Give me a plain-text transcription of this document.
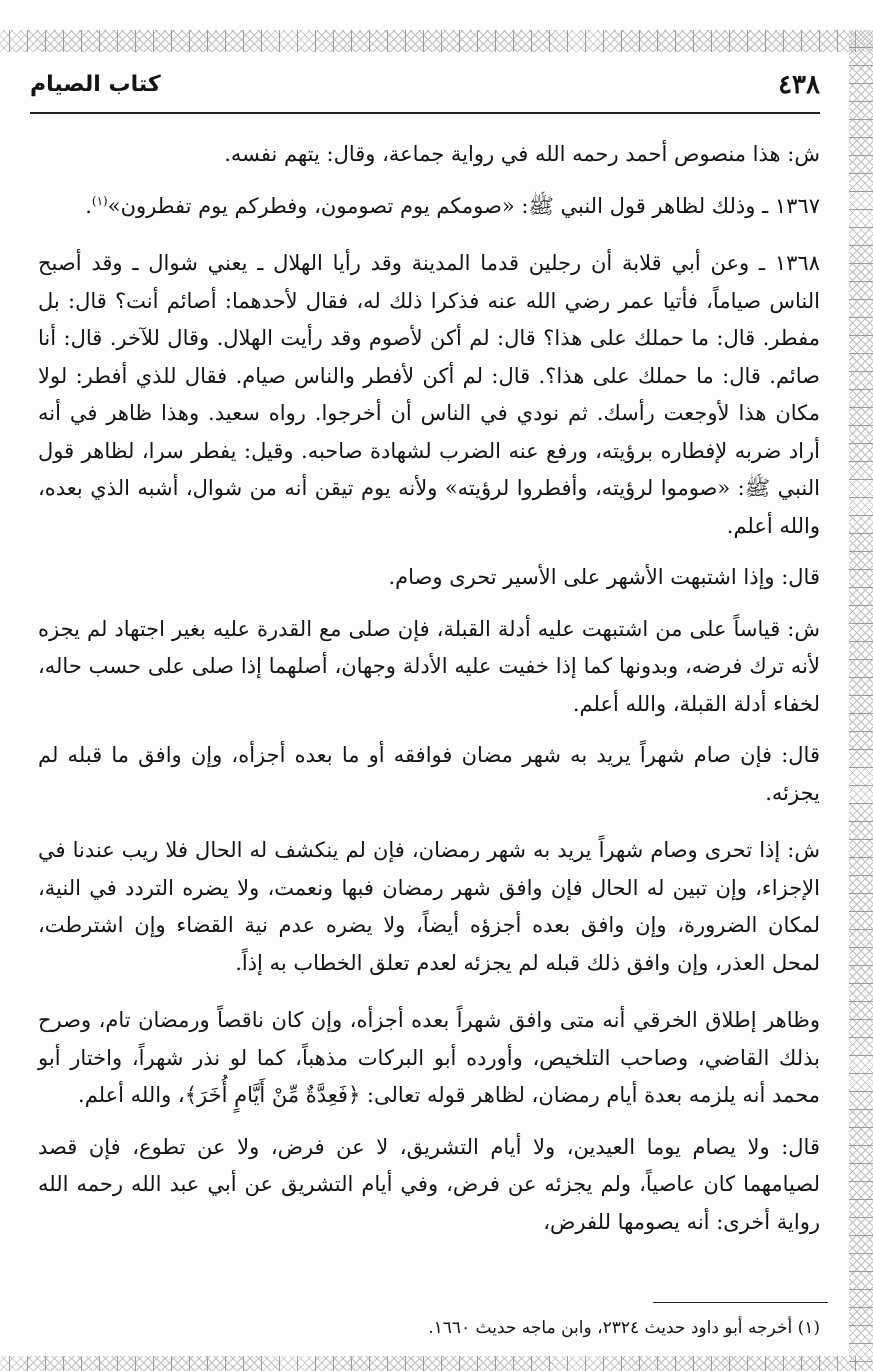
٤٣٨
كتاب الصيام

ش: هذا منصوص أحمد رحمه الله في رواية جماعة، وقال: يتهم نفسه.

١٣٦٧ ـ وذلك لظاهر قول النبي ﷺ: «صومكم يوم تصومون، وفطركم يوم تفطرون»$^{(١)}$.

١٣٦٨ ـ وعن أبي قلابة أن رجلين قدما المدينة وقد رأيا الهلال ـ يعني شوال ـ وقد أصبح الناس صياماً، فأتيا عمر رضي الله عنه فذكرا ذلك له، فقال لأحدهما: أصائم أنت؟ قال: بل مفطر. قال: ما حملك على هذا؟ قال: لم أكن لأصوم وقد رأيت الهلال. وقال للآخر. قال: أنا صائم. قال: ما حملك على هذا؟. قال: لم أكن لأفطر والناس صيام. فقال للذي أفطر: لولا مكان هذا لأوجعت رأسك. ثم نودي في الناس أن أخرجوا. رواه سعيد. وهذا ظاهر في أنه أراد ضربه لإفطاره برؤيته، ورفع عنه الضرب لشهادة صاحبه. وقيل: يفطر سرا، لظاهر قول النبي ﷺ: «صوموا لرؤيته، وأفطروا لرؤيته» ولأنه يوم تيقن أنه من شوال، أشبه الذي بعده، والله أعلم.

قال: وإذا اشتبهت الأشهر على الأسير تحرى وصام.

ش: قياساً على من اشتبهت عليه أدلة القبلة، فإن صلى مع القدرة عليه بغير اجتهاد لم يجزه لأنه ترك فرضه، وبدونها كما إذا خفيت عليه الأدلة وجهان، أصلهما إذا صلى على حسب حاله، لخفاء أدلة القبلة، والله أعلم.

قال: فإن صام شهراً يريد به شهر مضان فوافقه أو ما بعده أجزأه، وإن وافق ما قبله لم يجزئه.

ش: إذا تحرى وصام شهراً يريد به شهر رمضان، فإن لم ينكشف له الحال فلا ريب عندنا في الإجزاء، وإن تبين له الحال فإن وافق شهر رمضان فبها ونعمت، ولا يضره التردد في النية، لمكان الضرورة، وإن وافق بعده أجزؤه أيضاً، ولا يضره عدم نية القضاء وإن اشترطت، لمحل العذر، وإن وافق ذلك قبله لم يجزئه لعدم تعلق الخطاب به إذاً.

وظاهر إطلاق الخرقي أنه متى وافق شهراً بعده أجزأه، وإن كان ناقصاً ورمضان تام، وصرح بذلك القاضي، وصاحب التلخيص، وأورده أبو البركات مذهباً، كما لو نذر شهراً، واختار أبو محمد أنه يلزمه بعدة أيام رمضان، لظاهر قوله تعالى: ﴿فَعِدَّةٌ مِّنْ أَيَّامٍ أُخَرَ﴾، والله أعلم.

قال: ولا يصام يوما العيدين، ولا أيام التشريق، لا عن فرض، ولا عن تطوع، فإن قصد لصيامهما كان عاصياً، ولم يجزئه عن فرض، وفي أيام التشريق عن أبي عبد الله رحمه الله رواية أخرى: أنه يصومها للفرض،

(١) أخرجه أبو داود حديث ٢٣٢٤، وابن ماجه حديث ١٦٦٠.
